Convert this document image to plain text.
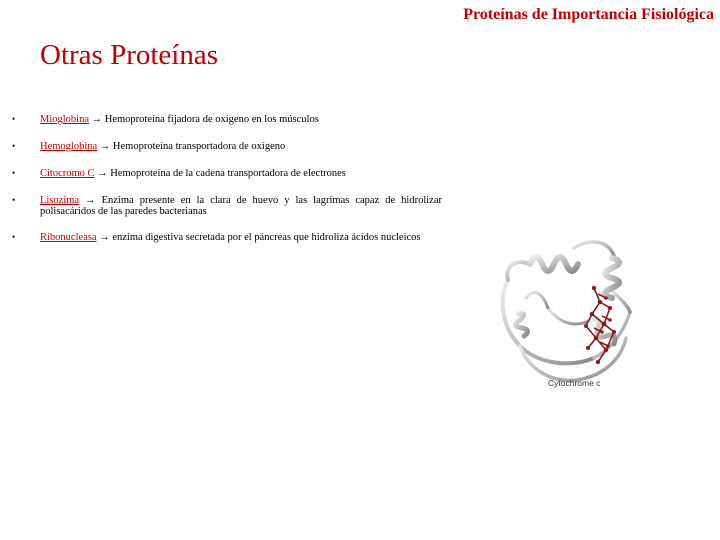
Proteínas de Importancia Fisiológica
Otras Proteínas
• Mioglobina → Hemoproteína fijadora de oxígeno en los músculos
• Hemoglobina → Hemoproteína transportadora de oxígeno
• Citocromo C → Hemoproteína de la cadena transportadora de electrones
• Lisozima → Enzima presente en la clara de huevo y las lagrimas capaz de hidrolizar polisacáridos de las paredes bacterianas
• Ribonucleasa → enzima digestiva secretada por el páncreas que hidroliza ácidos nucleicos
Cytochrome c
